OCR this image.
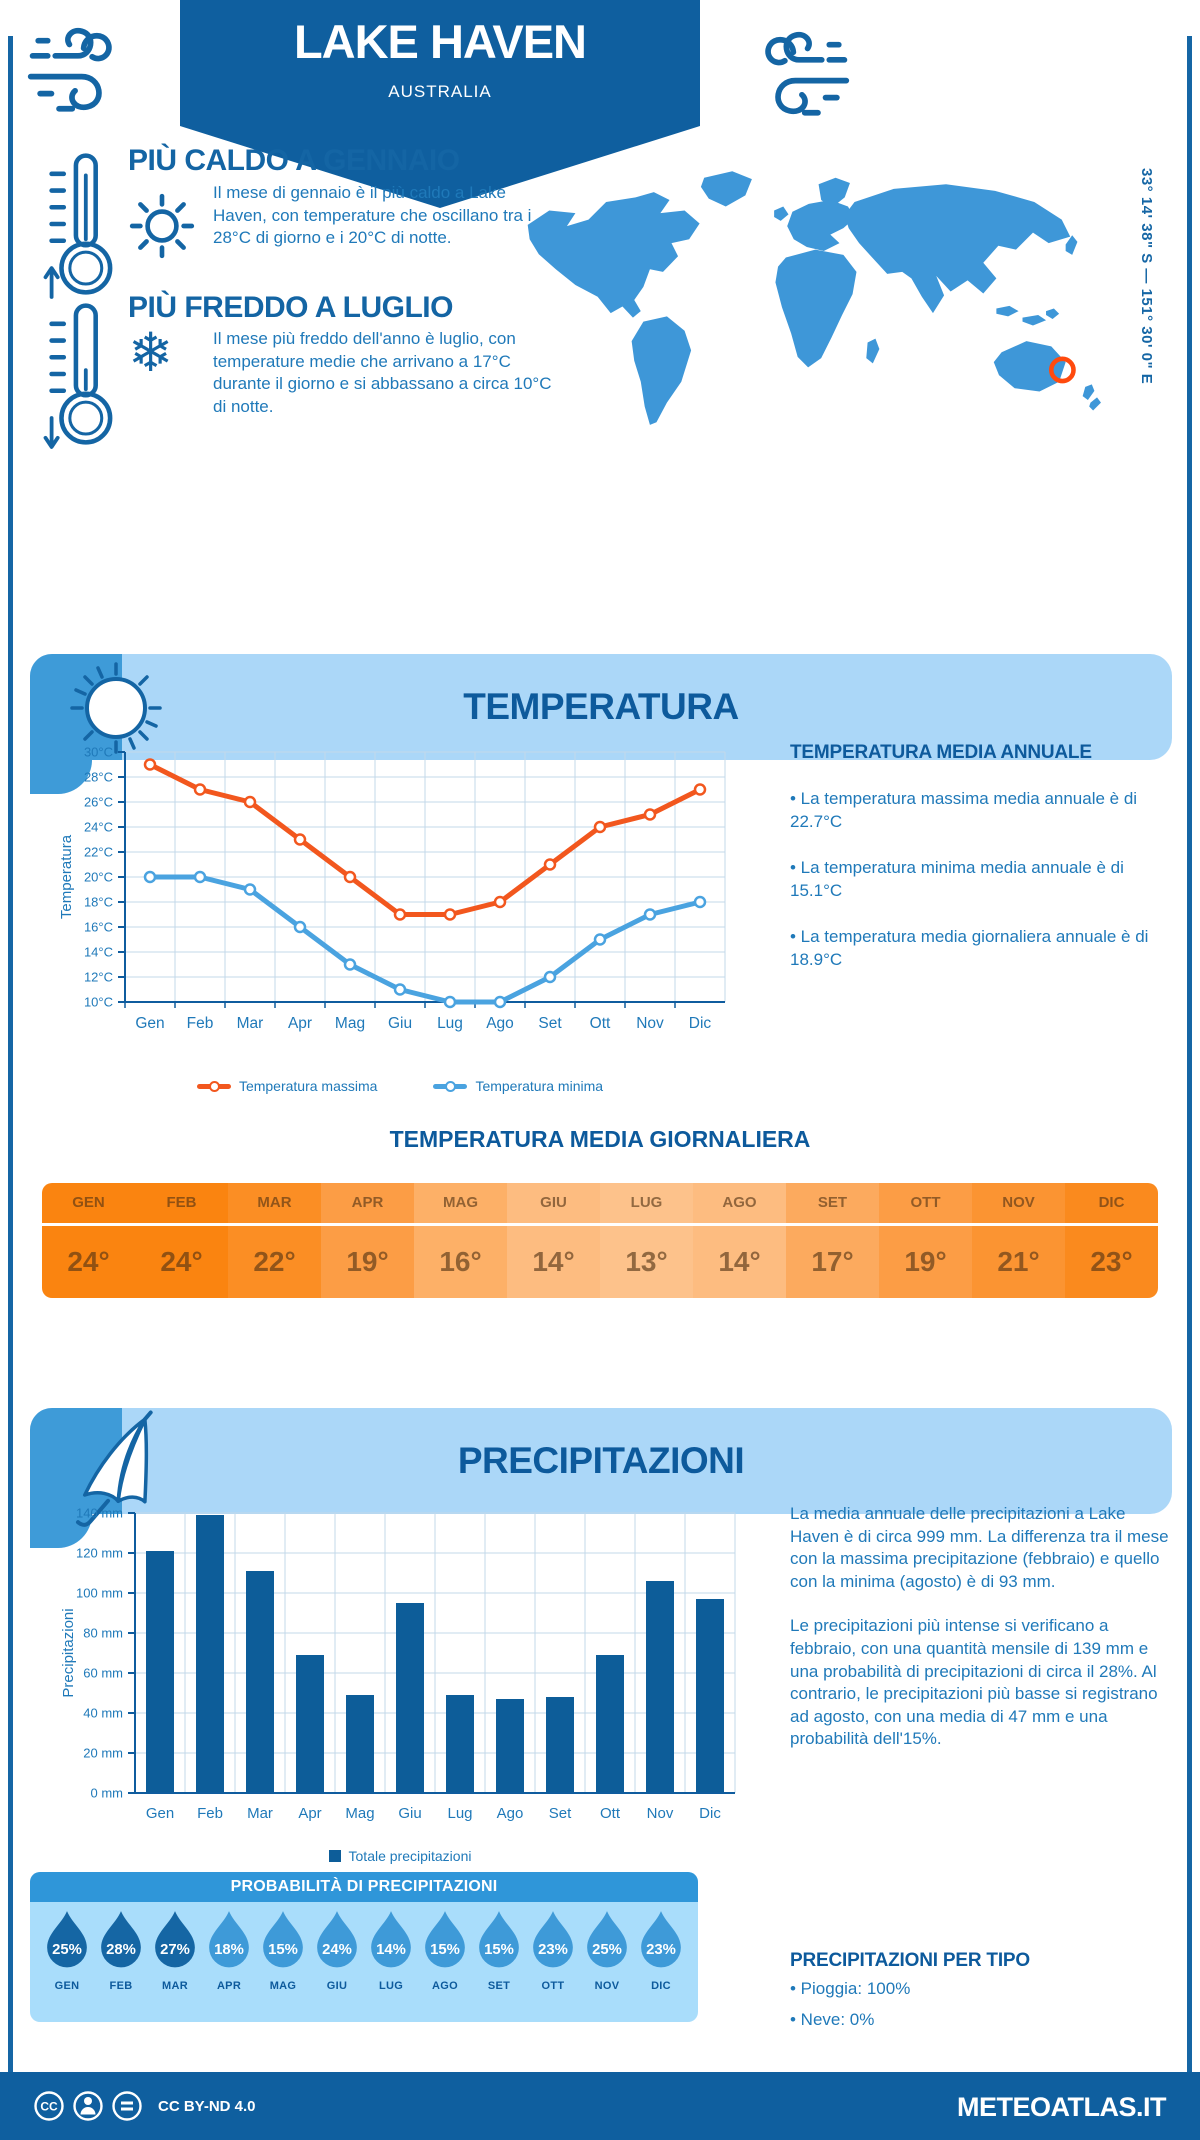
LAKE HAVEN
AUSTRALIA
PIÙ CALDO A GENNAIO
Il mese di gennaio è il più caldo a Lake Haven, con temperature che oscillano tra i 28°C di giorno e i 20°C di notte.
PIÙ FREDDO A LUGLIO
❄ Il mese più freddo dell'anno è luglio, con temperature medie che arrivano a 17°C durante il giorno e si abbassano a circa 10°C di notte.
33° 14' 38" S — 151° 30' 0" E
TEMPERATURA
10°C
12°C
14°C
16°C
18°C
20°C
22°C
24°C
26°C
28°C
30°C
Gen Feb Mar Apr Mag Giu Lug Ago Set Ott Nov Dic
Temperatura
Temperatura massima	Temperatura minima
TEMPERATURA MEDIA ANNUALE

• La temperatura massima media annuale è di 22.7°C

• La temperatura minima media annuale è di 15.1°C

• La temperatura media giornaliera annuale è di 18.9°C

TEMPERATURA MEDIA GIORNALIERA
GEN	FEB	MAR	APR	MAG	GIU	LUG	AGO	SET	OTT	NOV	DIC
24°	24°	22°	19°	16°	14°	13°	14°	17°	19°	21°	23°
PRECIPITAZIONI
0 mm
20 mm
40 mm
60 mm
80 mm
100 mm
120 mm
140 mm
Gen Feb Mar Apr Mag Giu Lug Ago Set Ott Nov Dic
Precipitazioni
Totale precipitazioni

La media annuale delle precipitazioni a Lake Haven è di circa 999 mm. La differenza tra il mese con la massima precipitazione (febbraio) e quello con la minima (agosto) è di 93 mm.

Le precipitazioni più intense si verificano a febbraio, con una quantità mensile di 139 mm e una probabilità di precipitazioni di circa il 28%. Al contrario, le precipitazioni più basse si registrano ad agosto, con una media di 47 mm e una probabilità dell'15%.

PROBABILITÀ DI PRECIPITAZIONI
25%
GEN
28%
FEB
27%
MAR
18%
APR
15%
MAG
24%
GIU
14%
LUG
15%
AGO
15%
SET
23%
OTT
25%
NOV
23%
DIC
PRECIPITAZIONI PER TIPO

• Pioggia: 100%

• Neve: 0%

CC	CC BY-ND 4.0	METEOATLAS.IT
